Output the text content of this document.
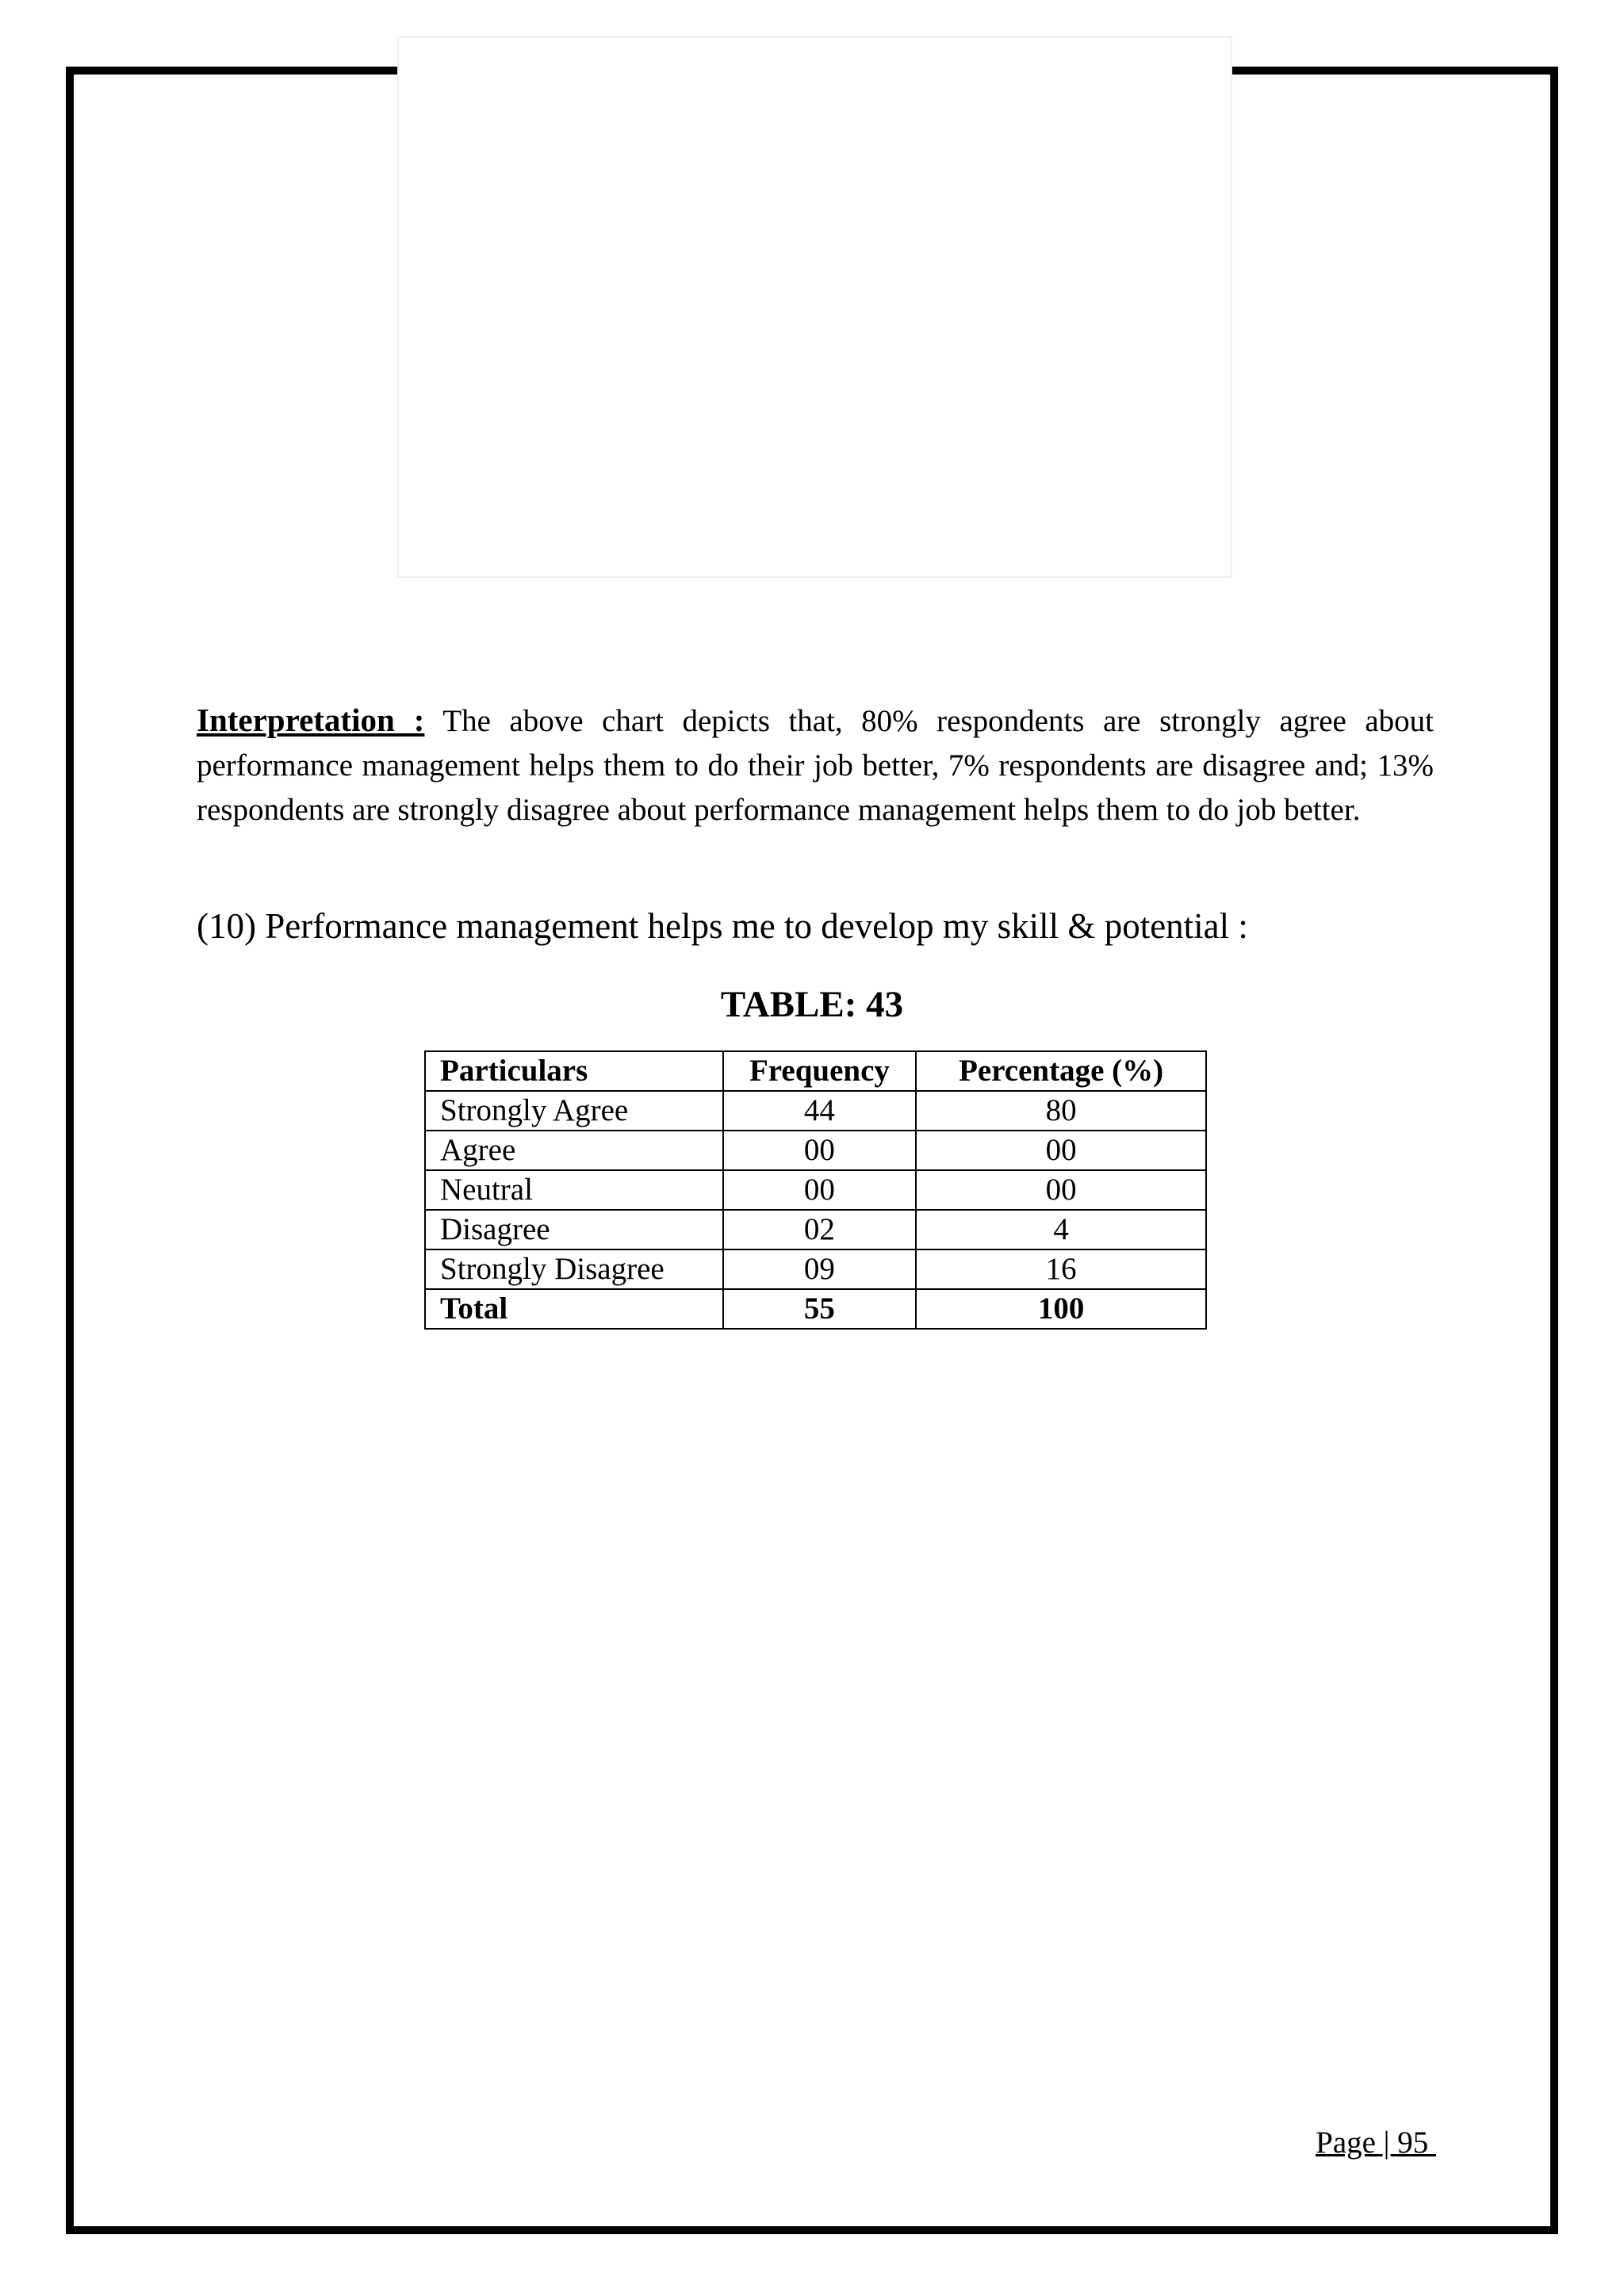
Interpretation : The above chart depicts that, 80% respondents are strongly agree about performance management helps them to do their job better, 7% respondents are disagree and; 13% respondents are strongly disagree about performance management helps them to do job better.

(10) Performance management helps me to develop my skill & potential :

TABLE: 43

Particulars	Frequency	Percentage (%)
Strongly Agree	44	80
Agree	00	00
Neutral	00	00
Disagree	02	4
Strongly Disagree	09	16
Total	55	100
Page | 95
